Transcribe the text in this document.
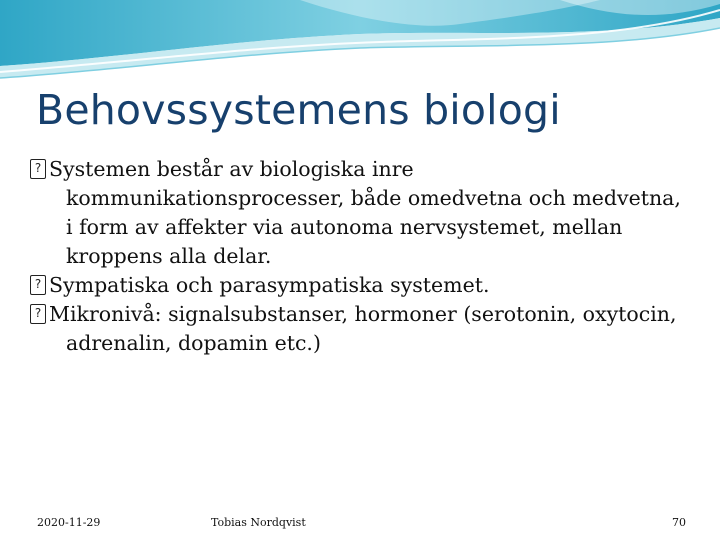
Behovssystemens biologi

?Systemen består av biologiska inre kommunikationsprocesser, både omedvetna och medvetna, i form av affekter via autonoma nervsystemet, mellan kroppens alla delar.

?Sympatiska och parasympatiska systemet.

?Mikronivå: signalsubstanser, hormoner (serotonin, oxytocin, adrenalin, dopamin etc.)

2020-11-29	Tobias Nordqvist	70
